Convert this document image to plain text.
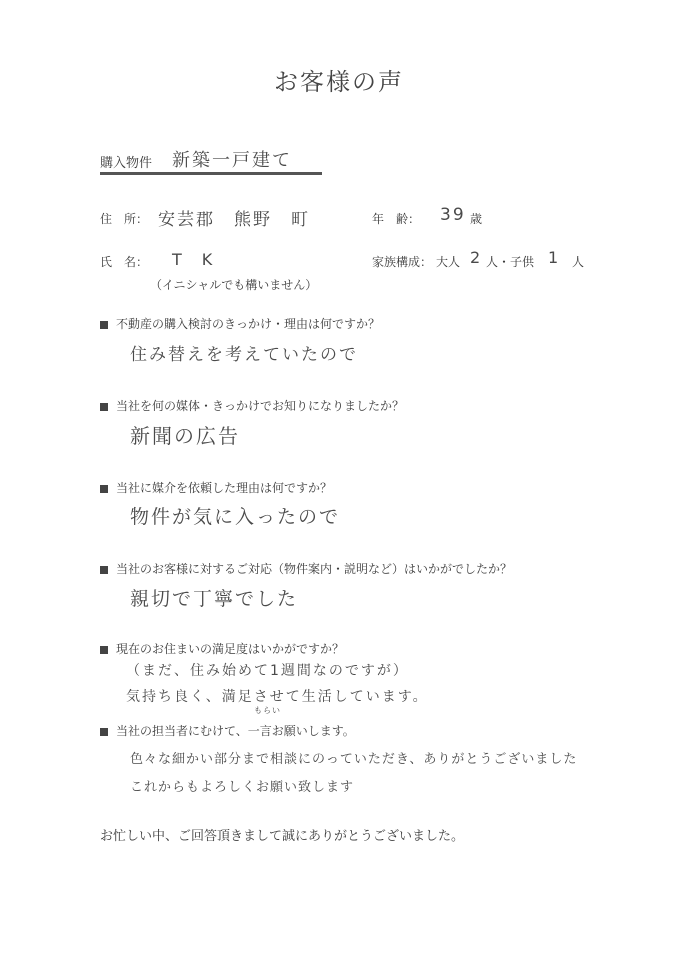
お客様の声
購入物件 新築一戸建て
住　所： 安芸郡　熊野　町	年　齢： 39 歳
氏　名： T　K
（イニシャルでも構いません）
家族構成： 大人 2 人・子供 1 人
不動産の購入検討のきっかけ・理由は何ですか？
住み替えを考えていたので
当社を何の媒体・きっかけでお知りになりましたか？
新聞の広告
当社に媒介を依頼した理由は何ですか？
物件が気に入ったので
当社のお客様に対するご対応（物件案内・説明など）はいかがでしたか？
親切で丁寧でした
現在のお住まいの満足度はいかがですか？
（まだ、住み始めて1週間なのですが）
気持ち良く、満足させて生活しています。
もらい
当社の担当者にむけて、一言お願いします。
色々な細かい部分まで相談にのっていただき、ありがとうございました
これからもよろしくお願い致します
お忙しい中、ご回答頂きまして誠にありがとうございました。
